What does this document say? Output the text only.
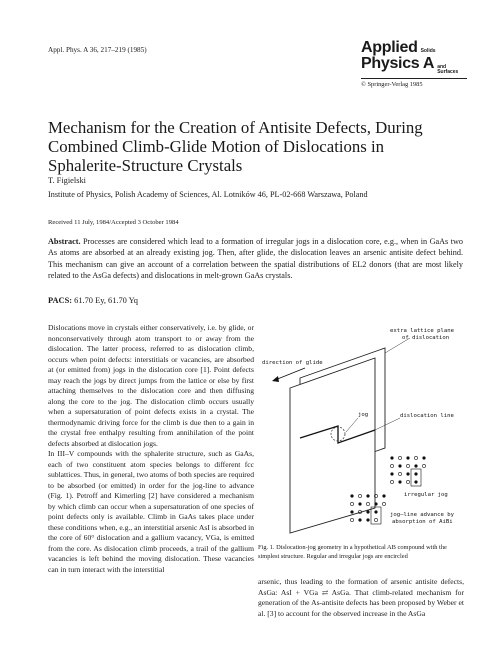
Appl. Phys. A 36, 217–219 (1985)	Applied Solids
Physics A and
Surfaces
© Springer-Verlag 1985
Mechanism for the Creation of Antisite Defects, During Combined Climb-Glide Motion of Dislocations in Sphalerite-Structure Crystals
T. Figielski
Institute of Physics, Polish Academy of Sciences, Al. Lotników 46, PL-02-668 Warszawa, Poland
Received 11 July, 1984/Accepted 3 October 1984
Abstract. Processes are considered which lead to a formation of irregular jogs in a dislocation core, e.g., when in GaAs two As atoms are absorbed at an already existing jog. Then, after glide, the dislocation leaves an arsenic antisite defect behind. This mechanism can give an account of a correlation between the spatial distributions of EL2 donors (that are most likely related to the AsGa defects) and dislocations in melt-grown GaAs crystals.
PACS: 61.70 Ey, 61.70 Yq

Dislocations move in crystals either conservatively, i.e. by glide, or nonconservatively through atom transport to or away from the dislocation. The latter process, referred to as dislocation climb, occurs when point defects: interstitials or vacancies, are absorbed at (or emitted from) jogs in the dislocation core [1]. Point defects may reach the jogs by direct jumps from the lattice or else by first attaching themselves to the dislocation core and then diffusing along the core to the jog. The dislocation climb occurs usually when a supersaturation of point defects exists in a crystal. The thermodynamic driving force for the climb is due then to a gain in the crystal free enthalpy resulting from annihilation of the point defects absorbed at dislocation jogs.

In III–V compounds with the sphalerite structure, such as GaAs, each of two constituent atom species belongs to different fcc sublattices. Thus, in general, two atoms of both species are required to be absorbed (or emitted) in order for the jog-line to advance (Fig. 1). Petroff and Kimerling [2] have considered a mechanism by which climb can occur when a supersaturation of one species of point defects only is available. Climb in GaAs takes place under these conditions when, e.g., an interstitial arsenic AsI is absorbed in the core of 60° dislocation and a gallium vacancy, VGa, is emitted from the core. As dislocation climb proceeds, a trail of the gallium vacancies is left behind the moving dislocation. These vacancies can in turn interact with the interstitial

extra lattice plane
of dislocation
direction of glide
dislocation line
jog
irregular jog
jog–line advance by
absorption of AiBi
Fig. 1. Dislocation-jog geometry in a hypothetical AB compound with the simplest structure. Regular and irregular jogs are encircled

arsenic, thus leading to the formation of arsenic antisite defects, AsGa: AsI + VGa ⇄ AsGa. That climb-related mechanism for generation of the As-antisite defects has been proposed by Weber et al. [3] to account for the observed increase in the AsGa
